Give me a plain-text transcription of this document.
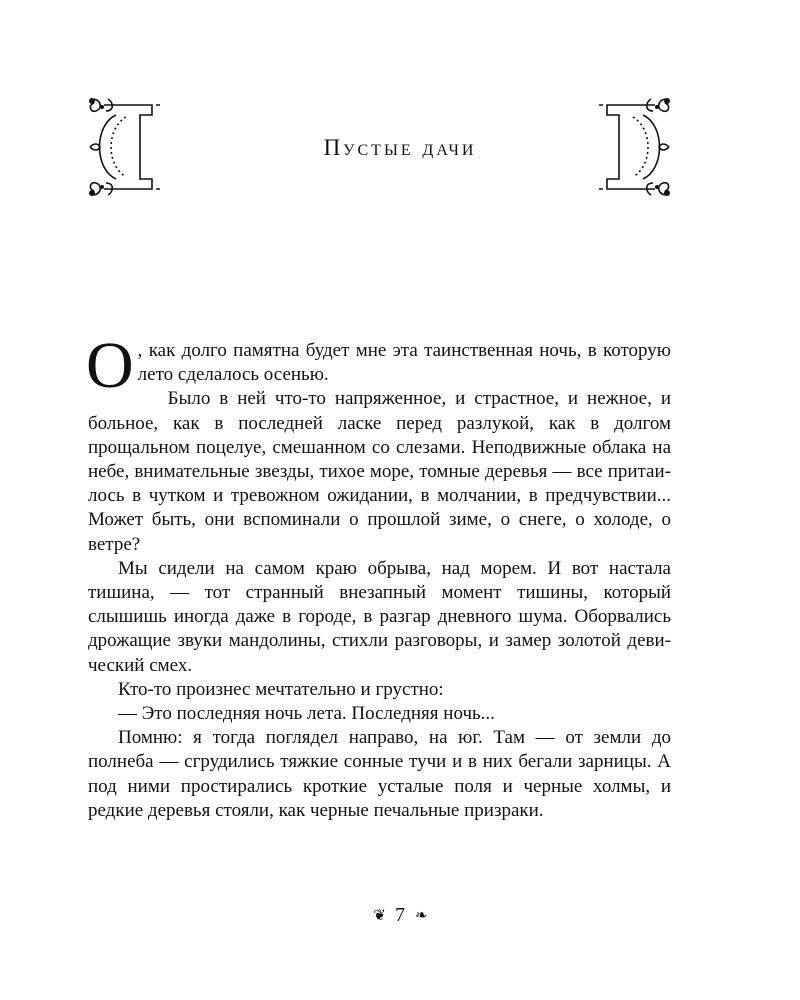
Пустые дачи

О , как долго памятна будет мне эта таинственная ночь, в которую лето сделалось осенью.

Было в ней что-то напряженное, и страстное, и нежное, и больное, как в последней ласке перед разлукой, как в долгом прощальном поцелуе, смешанном со слезами. Неподвижные облака на небе, внимательные звезды, тихое море, томные деревья — все притаилось в чутком и тревожном ожидании, в молчании, в предчувствии... Может быть, они вспоминали о прошлой зиме, о снеге, о холоде, о ветре?

Мы сидели на самом краю обрыва, над морем. И вот настала тишина, — тот странный внезапный момент тишины, который слышишь иногда даже в городе, в разгар дневного шума. Оборвались дрожащие звуки мандолины, стихли разговоры, и замер золотой девический смех.

Кто-то произнес мечтательно и грустно:

— Это последняя ночь лета. Последняя ночь...

Помню: я тогда поглядел направо, на юг. Там — от земли до полнеба — сгрудились тяжкие сонные тучи и в них бегали зарницы. А под ними простирались кроткие усталые поля и черные холмы, и редкие деревья стояли, как черные печальные призраки.

❦ 7 ❧
